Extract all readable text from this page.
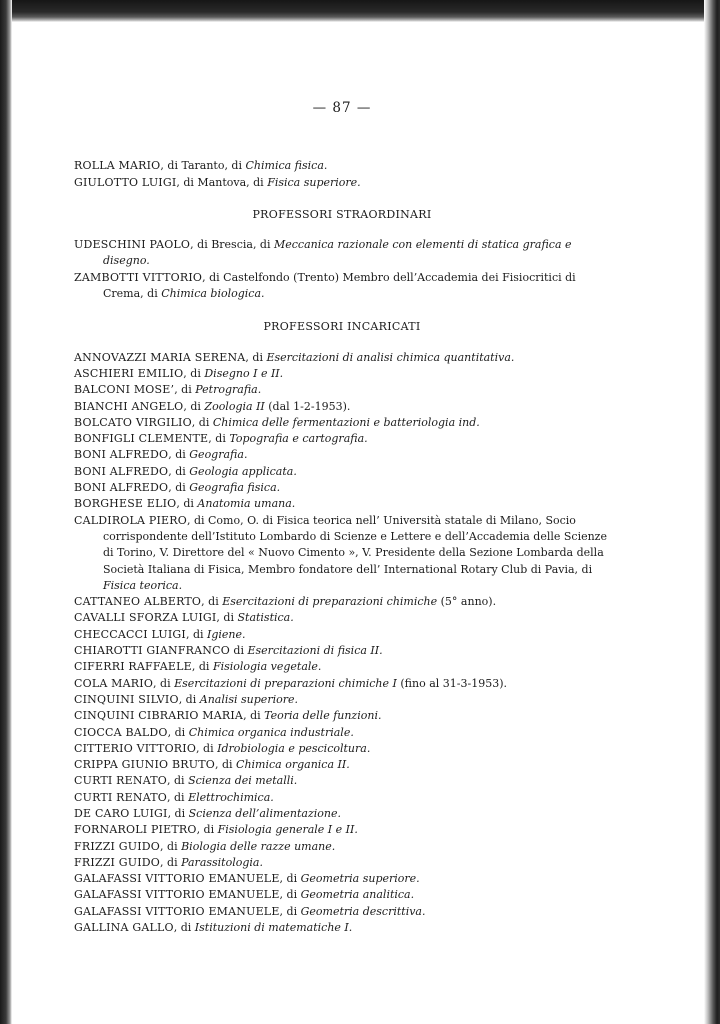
— 87 —

ROLLA MARIO, di Taranto, di Chimica fisica.

GIULOTTO LUIGI, di Mantova, di Fisica superiore.

PROFESSORI STRAORDINARI

UDESCHINI PAOLO, di Brescia, di Meccanica razionale con elementi di statica grafica e disegno.

ZAMBOTTI VITTORIO, di Castelfondo (Trento) Membro dell’Accademia dei Fisiocritici di Crema, di Chimica biologica.

PROFESSORI INCARICATI

ANNOVAZZI MARIA SERENA, di Esercitazioni di analisi chimica quantitativa.

ASCHIERI EMILIO, di Disegno I e II.

BALCONI MOSE’, di Petrografia.

BIANCHI ANGELO, di Zoologia II (dal 1-2-1953).

BOLCATO VIRGILIO, di Chimica delle fermentazioni e batteriologia ind.

BONFIGLI CLEMENTE, di Topografia e cartografia.

BONI ALFREDO, di Geografia.

BONI ALFREDO, di Geologia applicata.

BONI ALFREDO, di Geografia fisica.

BORGHESE ELIO, di Anatomia umana.

CALDIROLA PIERO, di Como, O. di Fisica teorica nell’ Università statale di Milano, Socio corrispondente dell’Istituto Lombardo di Scienze e Lettere e dell’Accademia delle Scienze di Torino, V. Direttore del « Nuovo Cimento », V. Presidente della Sezione Lombarda della Società Italiana di Fisica, Membro fondatore dell’ International Rotary Club di Pavia, di Fisica teorica.

CATTANEO ALBERTO, di Esercitazioni di preparazioni chimiche (5° anno).

CAVALLI SFORZA LUIGI, di Statistica.

CHECCACCI LUIGI, di Igiene.

CHIAROTTI GIANFRANCO di Esercitazioni di fisica II.

CIFERRI RAFFAELE, di Fisiologia vegetale.

COLA MARIO, di Esercitazioni di preparazioni chimiche I (fino al 31-3-1953).

CINQUINI SILVIO, di Analisi superiore.

CINQUINI CIBRARIO MARIA, di Teoria delle funzioni.

CIOCCA BALDO, di Chimica organica industriale.

CITTERIO VITTORIO, di Idrobiologia e pescicoltura.

CRIPPA GIUNIO BRUTO, di Chimica organica II.

CURTI RENATO, di Scienza dei metalli.

CURTI RENATO, di Elettrochimica.

DE CARO LUIGI, di Scienza dell’alimentazione.

FORNAROLI PIETRO, di Fisiologia generale I e II.

FRIZZI GUIDO, di Biologia delle razze umane.

FRIZZI GUIDO, di Parassitologia.

GALAFASSI VITTORIO EMANUELE, di Geometria superiore.

GALAFASSI VITTORIO EMANUELE, di Geometria analitica.

GALAFASSI VITTORIO EMANUELE, di Geometria descrittiva.

GALLINA GALLO, di Istituzioni di matematiche I.
